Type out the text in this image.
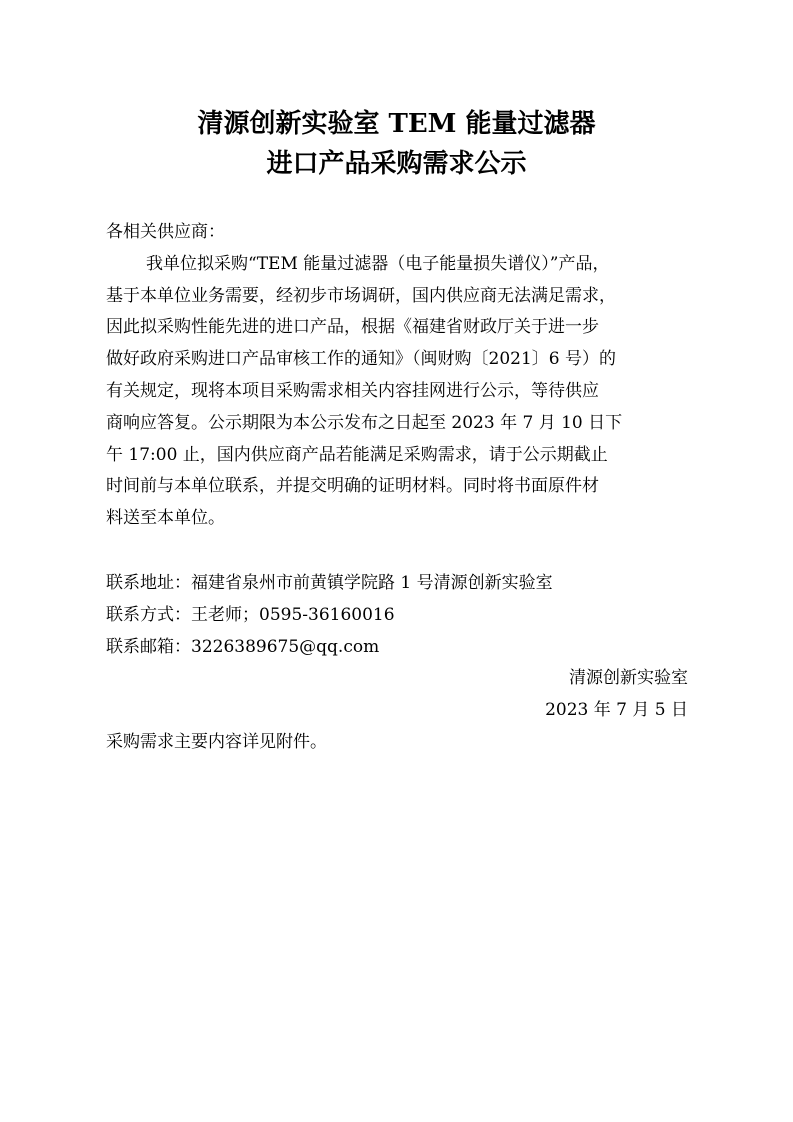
清源创新实验室 TEM 能量过滤器
进口产品采购需求公示
各相关供应商：
我单位拟采购“TEM 能量过滤器（电子能量损失谱仪）”产品，
基于本单位业务需要，经初步市场调研，国内供应商无法满足需求，
因此拟采购性能先进的进口产品，根据《福建省财政厅关于进一步
做好政府采购进口产品审核工作的通知》（闽财购〔2021〕6 号）的
有关规定，现将本项目采购需求相关内容挂网进行公示，等待供应
商响应答复。公示期限为本公示发布之日起至 2023 年 7 月 10 日下
午 17:00 止，国内供应商产品若能满足采购需求，请于公示期截止
时间前与本单位联系，并提交明确的证明材料。同时将书面原件材
料送至本单位。
联系地址：福建省泉州市前黄镇学院路 1 号清源创新实验室
联系方式：王老师；0595-36160016
联系邮箱：3226389675@qq.com
清源创新实验室
2023 年 7 月 5 日
采购需求主要内容详见附件。
